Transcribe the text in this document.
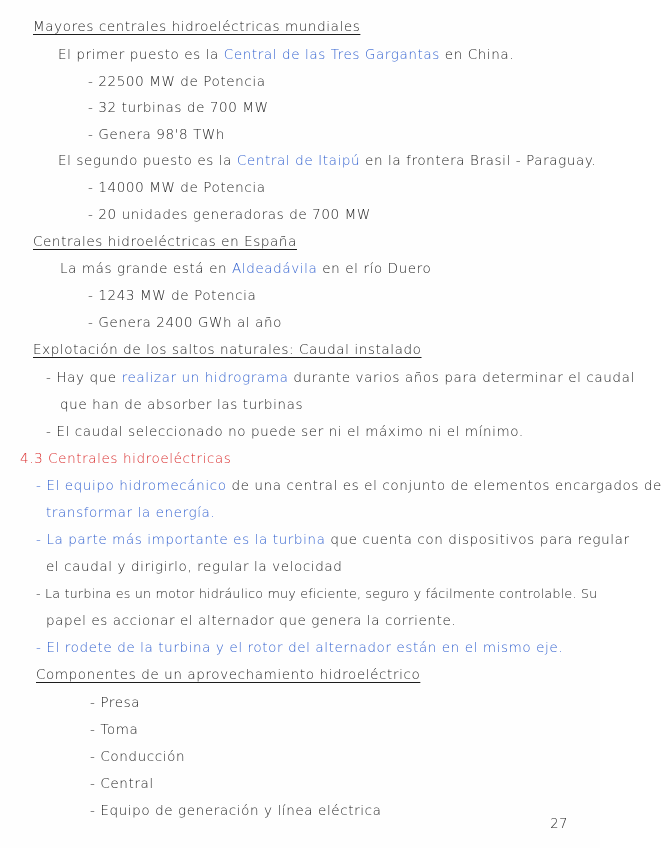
Mayores centrales hidroeléctricas mundiales
El primer puesto es la Central de las Tres Gargantas en China.
- 22500 MW de Potencia
- 32 turbinas de 700 MW
- Genera 98'8 TWh
El segundo puesto es la Central de Itaipú en la frontera Brasil - Paraguay.
- 14000 MW de Potencia
- 20 unidades generadoras de 700 MW
Centrales hidroeléctricas en España
La más grande está en Aldeadávila en el río Duero
- 1243 MW de Potencia
- Genera 2400 GWh al año
Explotación de los saltos naturales: Caudal instalado
- Hay que realizar un hidrograma durante varios años para determinar el caudal
que han de absorber las turbinas
- El caudal seleccionado no puede ser ni el máximo ni el mínimo.
4.3 Centrales hidroeléctricas
- El equipo hidromecánico de una central es el conjunto de elementos encargados de
transformar la energía.
- La parte más importante es la turbina que cuenta con dispositivos para regular
el caudal y dirigirlo, regular la velocidad
- La turbina es un motor hidráulico muy eficiente, seguro y fácilmente controlable. Su
papel es accionar el alternador que genera la corriente.
- El rodete de la turbina y el rotor del alternador están en el mismo eje.
Componentes de un aprovechamiento hidroeléctrico
- Presa
- Toma
- Conducción
- Central
- Equipo de generación y línea eléctrica
27
